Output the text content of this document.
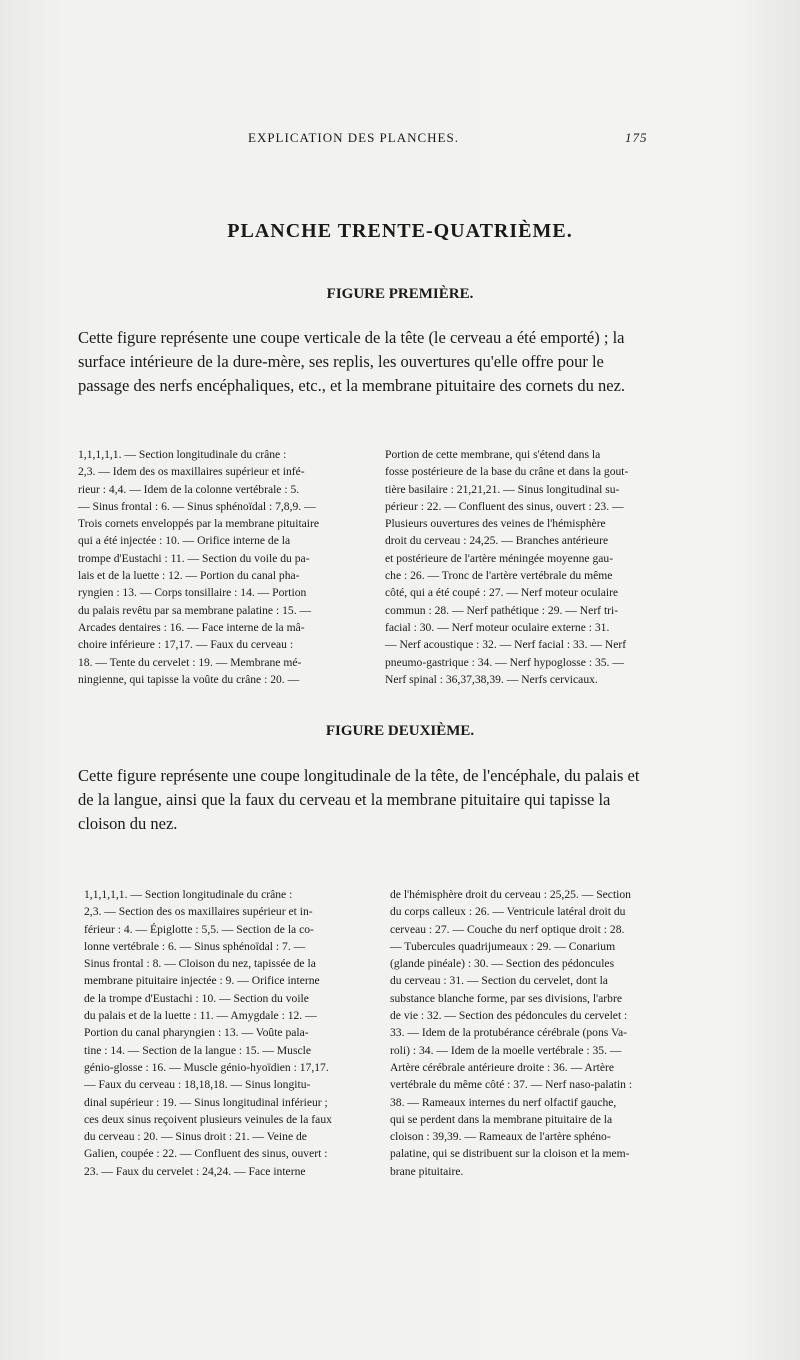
EXPLICATION DES PLANCHES.	175
PLANCHE TRENTE-QUATRIÈME.
FIGURE PREMIÈRE.
Cette figure représente une coupe verticale de la tête (le cerveau a été emporté) ; la
surface intérieure de la dure-mère, ses replis, les ouvertures qu'elle offre pour le
passage des nerfs encéphaliques, etc., et la membrane pituitaire des cornets du nez.
1,1,1,1,1. — Section longitudinale du crâne :
2,3. — Idem des os maxillaires supérieur et infé-
rieur : 4,4. — Idem de la colonne vertébrale : 5.
— Sinus frontal : 6. — Sinus sphénoïdal : 7,8,9. —
Trois cornets enveloppés par la membrane pituitaire
qui a été injectée : 10. — Orifice interne de la
trompe d'Eustachi : 11. — Section du voile du pa-
lais et de la luette : 12. — Portion du canal pha-
ryngien : 13. — Corps tonsillaire : 14. — Portion
du palais revêtu par sa membrane palatine : 15. —
Arcades dentaires : 16. — Face interne de la mâ-
choire inférieure : 17,17. — Faux du cerveau :
18. — Tente du cervelet : 19. — Membrane mé-
ningienne, qui tapisse la voûte du crâne : 20. —
Portion de cette membrane, qui s'étend dans la
fosse postérieure de la base du crâne et dans la gout-
tière basilaire : 21,21,21. — Sinus longitudinal su-
périeur : 22. — Confluent des sinus, ouvert : 23. —
Plusieurs ouvertures des veines de l'hémisphère
droit du cerveau : 24,25. — Branches antérieure
et postérieure de l'artère méningée moyenne gau-
che : 26. — Tronc de l'artère vertébrale du même
côté, qui a été coupé : 27. — Nerf moteur oculaire
commun : 28. — Nerf pathétique : 29. — Nerf tri-
facial : 30. — Nerf moteur oculaire externe : 31.
— Nerf acoustique : 32. — Nerf facial : 33. — Nerf
pneumo-gastrique : 34. — Nerf hypoglosse : 35. —
Nerf spinal : 36,37,38,39. — Nerfs cervicaux.
FIGURE DEUXIÈME.
Cette figure représente une coupe longitudinale de la tête, de l'encéphale, du palais et
de la langue, ainsi que la faux du cerveau et la membrane pituitaire qui tapisse la
cloison du nez.
1,1,1,1,1. — Section longitudinale du crâne :
2,3. — Section des os maxillaires supérieur et in-
férieur : 4. — Épiglotte : 5,5. — Section de la co-
lonne vertébrale : 6. — Sinus sphénoïdal : 7. —
Sinus frontal : 8. — Cloison du nez, tapissée de la
membrane pituitaire injectée : 9. — Orifice interne
de la trompe d'Eustachi : 10. — Section du voile
du palais et de la luette : 11. — Amygdale : 12. —
Portion du canal pharyngien : 13. — Voûte pala-
tine : 14. — Section de la langue : 15. — Muscle
génio-glosse : 16. — Muscle génio-hyoïdien : 17,17.
— Faux du cerveau : 18,18,18. — Sinus longitu-
dinal supérieur : 19. — Sinus longitudinal inférieur ;
ces deux sinus reçoivent plusieurs veinules de la faux
du cerveau : 20. — Sinus droit : 21. — Veine de
Galien, coupée : 22. — Confluent des sinus, ouvert :
23. — Faux du cervelet : 24,24. — Face interne
de l'hémisphère droit du cerveau : 25,25. — Section
du corps calleux : 26. — Ventricule latéral droit du
cerveau : 27. — Couche du nerf optique droit : 28.
— Tubercules quadrijumeaux : 29. — Conarium
(glande pinéale) : 30. — Section des pédoncules
du cerveau : 31. — Section du cervelet, dont la
substance blanche forme, par ses divisions, l'arbre
de vie : 32. — Section des pédoncules du cervelet :
33. — Idem de la protubérance cérébrale (pons Va-
roli) : 34. — Idem de la moelle vertébrale : 35. —
Artère cérébrale antérieure droite : 36. — Artère
vertébrale du même côté : 37. — Nerf naso-palatin :
38. — Rameaux internes du nerf olfactif gauche,
qui se perdent dans la membrane pituitaire de la
cloison : 39,39. — Rameaux de l'artère sphéno-
palatine, qui se distribuent sur la cloison et la mem-
brane pituitaire.
